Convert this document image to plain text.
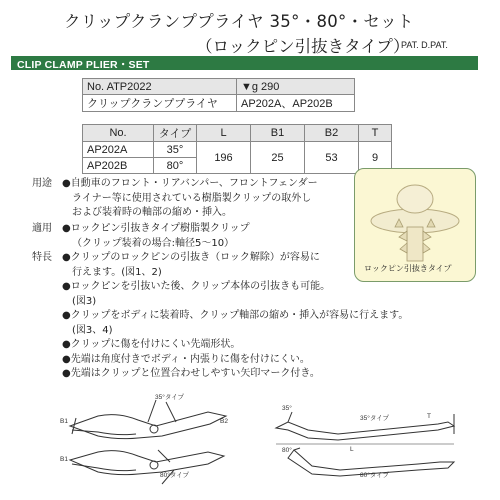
クリップクランププライヤ 35°・80°・セット
（ロックピン引抜きタイプ）
PAT. D.PAT.
CLIP CLAMP PLIER・SET
No. ATP2022	▼g 290
クリップクランププライヤ	AP202A、AP202B
No.	タイプ	L	B1	B2	T
AP202A	35°	196	25	53	9
AP202B	80°				
用途 ●自動車のフロント・リアバンパー、フロントフェンダー
ライナー等に使用されている樹脂製クリップの取外し
および装着時の軸部の縮め・挿入。
適用 ●ロックピン引抜きタイプ樹脂製クリップ
（クリップ装着の場合:軸径5〜10）
特長 ●クリップのロックピンの引抜き（ロック解除）が容易に
行えます。(図1、2)
●ロックピンを引抜いた後、クリップ本体の引抜きも可能。
(図3)
●クリップをボディに装着時、クリップ軸部の縮め・挿入が容易に行えます。
(図3、4)
●クリップに傷を付けにくい先端形状。
●先端は角度付きでボディ・内張りに傷を付けにくい。
●先端はクリップと位置合わせしやすい矢印マーク付き。
ロックピン引抜きタイプ
35°タイプ
B1	B2
B1
80°タイプ
35°
35°タイプ	T
L
80°
80°タイプ
